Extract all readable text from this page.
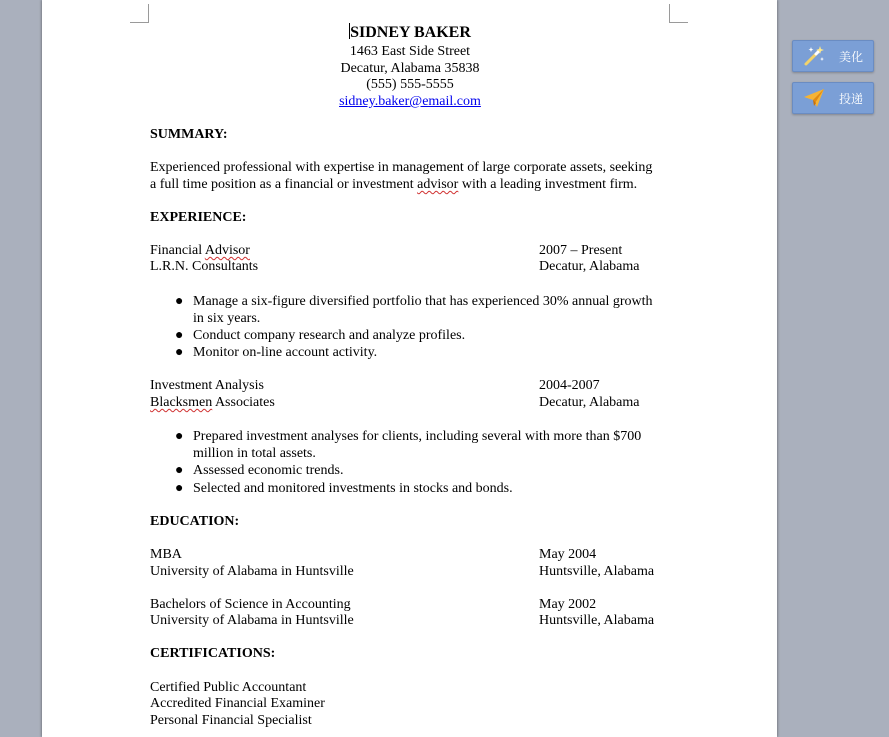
SIDNEY BAKER
1463 East Side Street
Decatur, Alabama 35838
(555) 555-5555
sidney.baker@email.com
SUMMARY:
Experienced professional with expertise in management of large corporate assets, seeking
a full time position as a financial or investment advisor with a leading investment firm.
EXPERIENCE:
Financial Advisor	2007 – Present
L.R.N. Consultants	Decatur, Alabama
● Manage a six-figure diversified portfolio that has experienced 30% annual growth
in six years.
● Conduct company research and analyze profiles.
● Monitor on-line account activity.
Investment Analysis	2004-2007
Blacksmen Associates	Decatur, Alabama
● Prepared investment analyses for clients, including several with more than $700
million in total assets.
● Assessed economic trends.
● Selected and monitored investments in stocks and bonds.
EDUCATION:
MBA	May 2004
University of Alabama in Huntsville	Huntsville, Alabama
Bachelors of Science in Accounting	May 2002
University of Alabama in Huntsville	Huntsville, Alabama
CERTIFICATIONS:
Certified Public Accountant
Accredited Financial Examiner
Personal Financial Specialist
美化
投递
